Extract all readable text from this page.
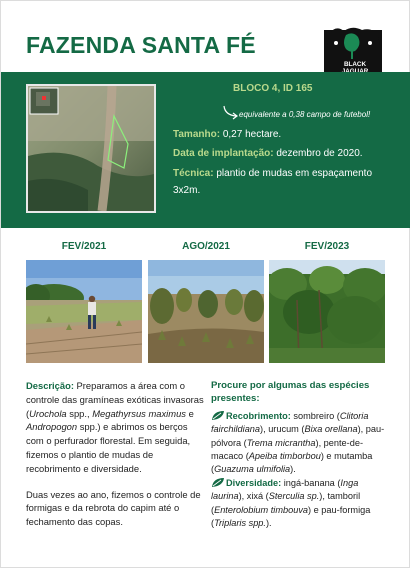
FAZENDA SANTA FÉ
BLACK
BLOCO 4, ID 165
equivalente a 0,38 campo de futebol!
Tamanho: 0,27 hectare.
Data de implantação: dezembro de 2020.
Técnica: plantio de mudas em espaçamento
3x2m.
FEV/2021	AGO/2021	FEV/2023

Descrição: Preparamos a área com o controle das gramíneas exóticas invasoras (Urochola spp., Megathyrsus maximus e Andropogon spp.) e abrimos os berços com o perfurador florestal. Em seguida, fizemos o plantio de mudas de recobrimento e diversidade.

Duas vezes ao ano, fizemos o controle de formigas e da rebrota do capim até o fechamento das copas.

Procure por algumas das espécies presentes:
Recobrimento: sombreiro (Clitoria fairchildiana), urucum (Bixa orellana), pau-pólvora (Trema micrantha), pente-de-macaco (Apeiba timborbou) e mutamba (Guazuma ulmifolia).
Diversidade: ingá-banana (Inga laurina), xixá (Sterculia sp.), tamboril (Enterolobium timbouva) e pau-formiga (Triplaris spp.).
